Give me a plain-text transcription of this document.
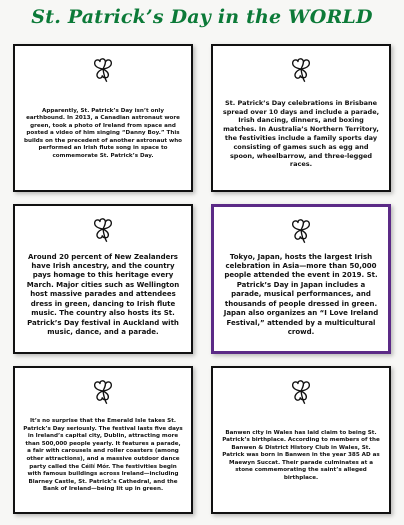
St. Patrick’s Day in the WORLD
Apparently, St. Patrick’s Day isn’t only earthbound. In 2013, a Canadian astronaut wore green, took a photo of Ireland from space and posted a video of him singing “Danny Boy.” This builds on the precedent of another astronaut who performed an Irish flute song in space to commemorate St. Patrick’s Day.
St. Patrick’s Day celebrations in Brisbane spread over 10 days and include a parade, Irish dancing, dinners, and boxing matches. In Australia’s Northern Territory, the festivities include a family sports day consisting of games such as egg and spoon, wheelbarrow, and three-legged races.
Around 20 percent of New Zealanders have Irish ancestry, and the country pays homage to this heritage every March. Major cities such as Wellington host massive parades and attendees dress in green, dancing to Irish flute music. The country also hosts its St. Patrick’s Day festival in Auckland with music, dance, and a parade.
Tokyo, Japan, hosts the largest Irish celebration in Asia—more than 50,000 people attended the event in 2019. St. Patrick’s Day in Japan includes a parade, musical performances, and thousands of people dressed in green. Japan also organizes an “I Love Ireland Festival,” attended by a multicultural crowd.
It’s no surprise that the Emerald Isle takes St. Patrick’s Day seriously. The festival lasts five days in Ireland’s capital city, Dublin, attracting more than 500,000 people yearly. It features a parade, a fair with carousels and roller coasters (among other attractions), and a massive outdoor dance party called the Céilí Mór. The festivities begin with famous buildings across Ireland—including Blarney Castle, St. Patrick’s Cathedral, and the Bank of Ireland—being lit up in green.
Banwen city in Wales has laid claim to being St. Patrick’s birthplace. According to members of the Banwen & District History Club in Wales, St. Patrick was born in Banwen in the year 385 AD as Maewyn Succat. Their parade culminates at a stone commemorating the saint’s alleged birthplace.
